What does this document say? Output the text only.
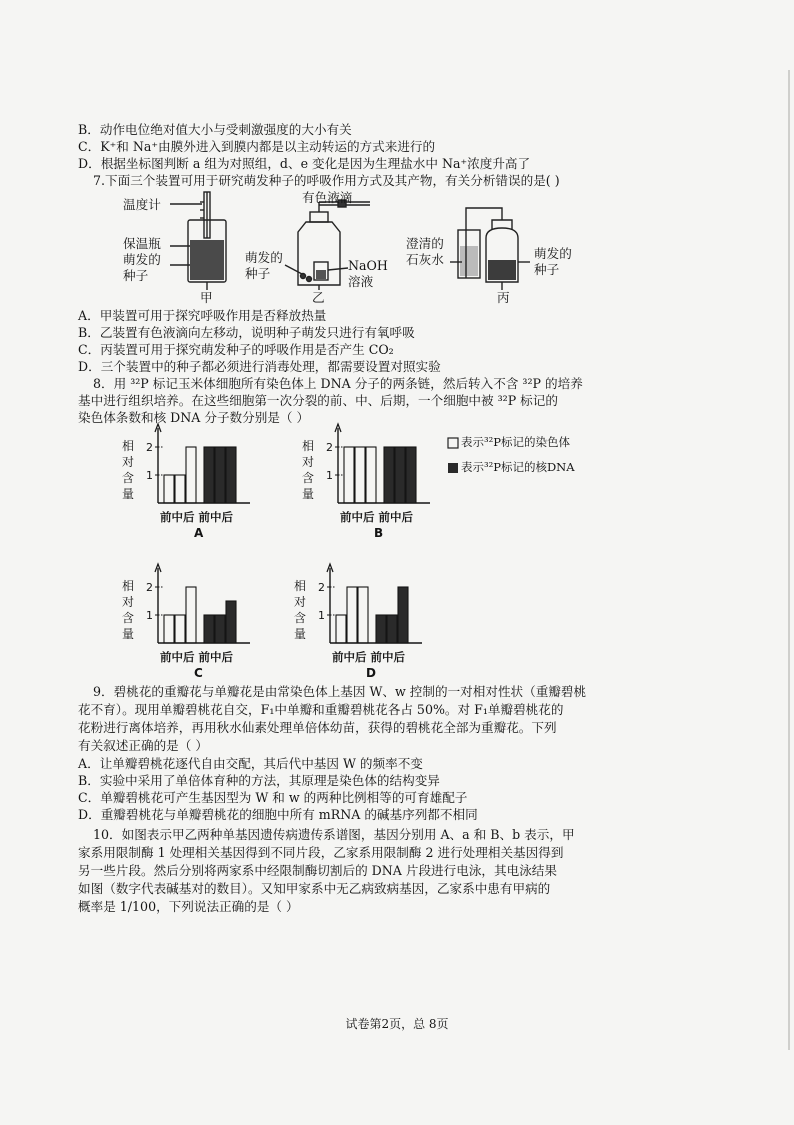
B．动作电位绝对值大小与受刺激强度的大小有关
C．K⁺和 Na⁺由膜外进入到膜内都是以主动转运的方式来进行的
D．根据坐标图判断 a 组为对照组，d、e 变化是因为生理盐水中 Na⁺浓度升高了
7.下面三个装置可用于研究萌发种子的呼吸作用方式及其产物，有关分析错误的是( )
温度计
保温瓶
萌发的
种子
甲
有色液滴
萌发的
种子
NaOH
溶液
乙
澄清的
石灰水	萌发的
种子
丙
A．甲装置可用于探究呼吸作用是否释放热量
B．乙装置有色液滴向左移动，说明种子萌发只进行有氧呼吸
C．丙装置可用于探究萌发种子的呼吸作用是否产生 CO₂
D．三个装置中的种子都必须进行消毒处理，都需要设置对照实验
8．用 ³²P 标记玉米体细胞所有染色体上 DNA 分子的两条链，然后转入不含 ³²P 的培养
基中进行组织培养。在这些细胞第一次分裂的前、中、后期，一个细胞中被 ³²P 标记的
染色体条数和核 DNA 分子数分别是（ ）
表示³²P标记的染色体
表示³²P标记的核DNA
相
对
含
量
1
2
前中后 前中后
A
相
对
含
量
1
2
前中后 前中后
B
相
对
含
量
1
2
前中后 前中后
C
相
对
含
量
1
2
前中后 前中后
D
9．碧桃花的重瓣花与单瓣花是由常染色体上基因 W、w 控制的一对相对性状（重瓣碧桃
花不育）。现用单瓣碧桃花自交，F₁中单瓣和重瓣碧桃花各占 50%。对 F₁单瓣碧桃花的
花粉进行离体培养，再用秋水仙素处理单倍体幼苗，获得的碧桃花全部为重瓣花。下列
有关叙述正确的是（ ）
A．让单瓣碧桃花逐代自由交配，其后代中基因 W 的频率不变
B．实验中采用了单倍体育种的方法，其原理是染色体的结构变异
C．单瓣碧桃花可产生基因型为 W 和 w 的两种比例相等的可育雄配子
D．重瓣碧桃花与单瓣碧桃花的细胞中所有 mRNA 的碱基序列都不相同
10．如图表示甲乙两种单基因遗传病遗传系谱图，基因分别用 A、a 和 B、b 表示，甲
家系用限制酶 1 处理相关基因得到不同片段，乙家系用限制酶 2 进行处理相关基因得到
另一些片段。然后分别将两家系中经限制酶切割后的 DNA 片段进行电泳，其电泳结果
如图（数字代表碱基对的数目）。又知甲家系中无乙病致病基因，乙家系中患有甲病的
概率是 1/100，下列说法正确的是（ ）
试卷第2页，总 8页
